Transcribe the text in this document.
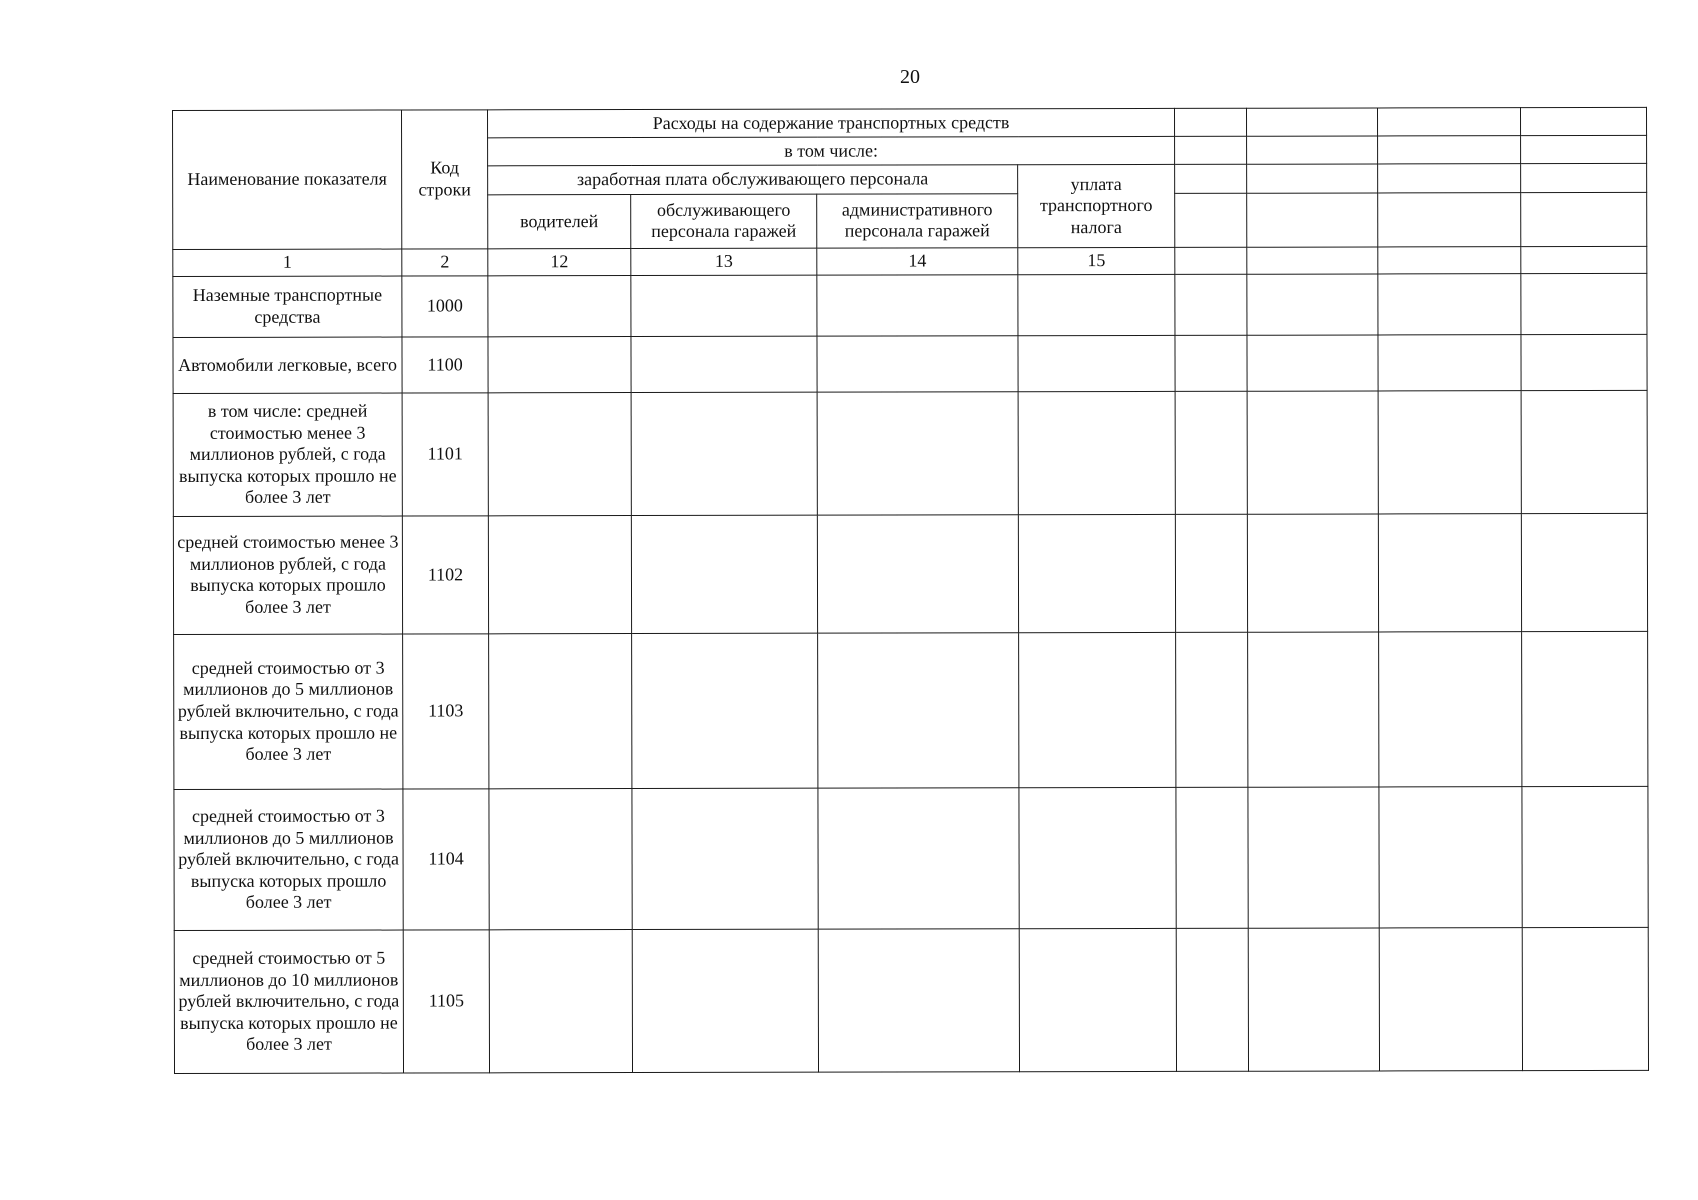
20
Наименование показателя	Код строки	Расходы на содержание транспортных средств							
		в том числе:							
		заработная плата обслуживающего персонала			уплата транспортного налога				
		водителей	обслуживающего персонала гаражей	административного персонала гаражей					
1	2	12	13	14	15				
Наземные транспортные средства	1000								
Автомобили легковые, всего	1100								
в том числе: средней стоимостью менее 3 миллионов рублей, с года выпуска которых прошло не более 3 лет	1101								
средней стоимостью менее 3 миллионов рублей, с года выпуска которых прошло более 3 лет	1102								
средней стоимостью от 3 миллионов до 5 миллионов рублей включительно, с года выпуска которых прошло не более 3 лет	1103								
средней стоимостью от 3 миллионов до 5 миллионов рублей включительно, с года выпуска которых прошло более 3 лет	1104								
средней стоимостью от 5 миллионов до 10 миллионов рублей включительно, с года выпуска которых прошло не более 3 лет	1105								
